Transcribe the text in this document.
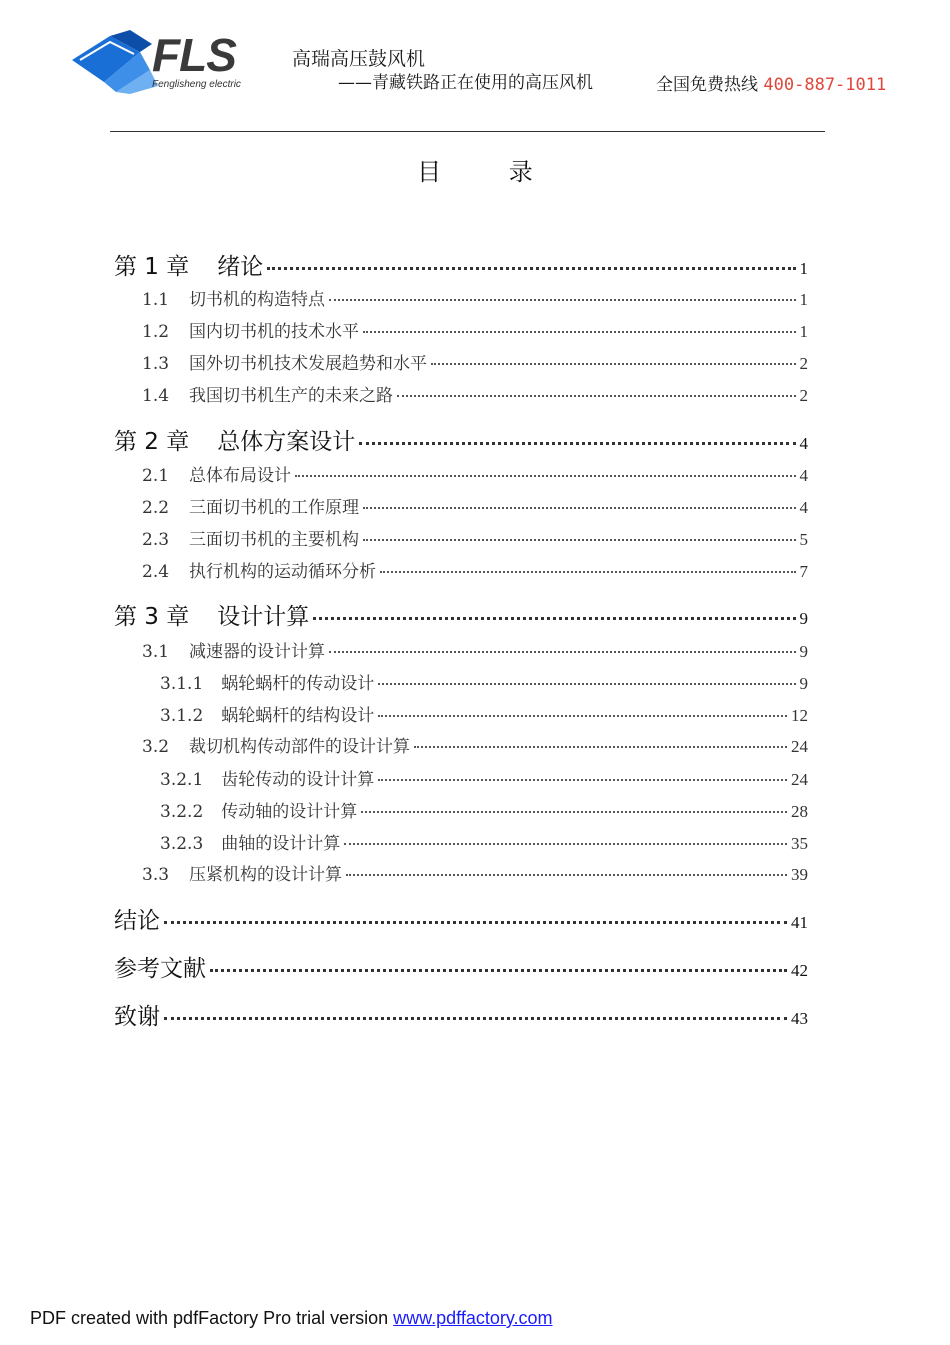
FLS
Fenglisheng electric
高瑞高压鼓风机
——青藏铁路正在使用的高压风机	全国免费热线 400-887-1011
目 录
第 1 章 绪论	1
1.1 切书机的构造特点	1
1.2 国内切书机的技术水平	1
1.3 国外切书机技术发展趋势和水平	2
1.4 我国切书机生产的未来之路	2
第 2 章 总体方案设计	4
2.1 总体布局设计	4
2.2 三面切书机的工作原理	4
2.3 三面切书机的主要机构	5
2.4 执行机构的运动循环分析	7
第 3 章 设计计算	9
3.1 减速器的设计计算	9
3.1.1 蜗轮蜗杆的传动设计	9
3.1.2 蜗轮蜗杆的结构设计	12
3.2 裁切机构传动部件的设计计算	24
3.2.1 齿轮传动的设计计算	24
3.2.2 传动轴的设计计算	28
3.2.3 曲轴的设计计算	35
3.3 压紧机构的设计计算	39
结论	41
参考文献	42
致谢	43
PDF created with pdfFactory Pro trial version www.pdffactory.com
